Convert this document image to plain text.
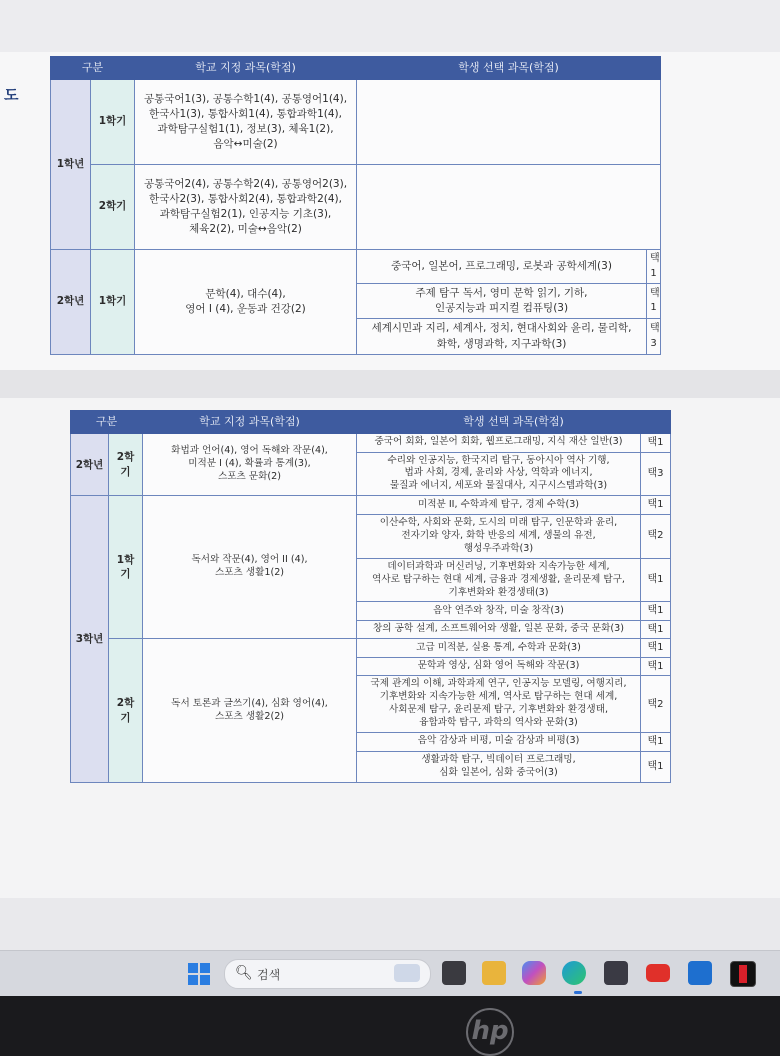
도
구분		학교 지정 과목(학점)	학생 선택 과목(학점)	
1학년	1학기	공통국어1(3), 공통수학1(4), 공통영어1(4),
한국사1(3), 통합사회1(4), 통합과학1(4),
과학탐구실험1(1), 정보(3), 체육1(2),
음악↔미술(2)		

	2학기	공통국어2(4), 공통수학2(4), 공통영어2(3),
한국사2(3), 통합사회2(4), 통합과학2(4),
과학탐구실험2(1), 인공지능 기초(3),
체육2(2), 미술↔음악(2)		

2학년	1학기	문학(4), 대수(4),
영어 I (4), 운동과 건강(2)	중국어, 일본어, 프로그래밍, 로봇과 공학세계(3)	택1

			주제 탐구 독서, 영미 문학 읽기, 기하,
인공지능과 피지컬 컴퓨팅(3)	택1

			세계시민과 지리, 세계사, 정치, 현대사회와 윤리, 물리학,
화학, 생명과학, 지구과학(3)	택3
구분		학교 지정 과목(학점)	학생 선택 과목(학점)	
2학년	2학기	화법과 언어(4), 영어 독해와 작문(4),
미적분 I (4), 확률과 통계(3),
스포츠 문화(2)	중국어 회화, 일본어 회화, 웹프로그래밍, 지식 재산 일반(3)	택1

			수리와 인공지능, 한국지리 탐구, 동아시아 역사 기행,
법과 사회, 경제, 윤리와 사상, 역학과 에너지,
물질과 에너지, 세포와 물질대사, 지구시스템과학(3)	택3
3학년	1학기	독서와 작문(4), 영어 II (4),
스포츠 생활1(2)	미적분 II, 수학과제 탐구, 경제 수학(3)	택1

			이산수학, 사회와 문화, 도시의 미래 탐구, 인문학과 윤리,
전자기와 양자, 화학 반응의 세계, 생물의 유전,
행성우주과학(3)	택2

			데이터과학과 머신러닝, 기후변화와 지속가능한 세계,
역사로 탐구하는 현대 세계, 금융과 경제생활, 윤리문제 탐구,
기후변화와 환경생태(3)	택1
			음악 연주와 창작, 미술 창작(3)	택1
			창의 공학 설계, 소프트웨어와 생활, 일본 문화, 중국 문화(3)	택1
	2학기	독서 토론과 글쓰기(4), 심화 영어(4),
스포츠 생활2(2)	고급 미적분, 실용 통계, 수학과 문화(3)	택1
			문학과 영상, 심화 영어 독해와 작문(3)	택1

			국제 관계의 이해, 과학과제 연구, 인공지능 모델링, 여행지리,
기후변화와 지속가능한 세계, 역사로 탐구하는 현대 세계,
사회문제 탐구, 윤리문제 탐구, 기후변화와 환경생태,
융합과학 탐구, 과학의 역사와 문화(3)	택2
			음악 감상과 비평, 미술 감상과 비평(3)	택1

			생활과학 탐구, 빅데이터 프로그래밍,
심화 일본어, 심화 중국어(3)	택1
🔍︎ 검색
hp
